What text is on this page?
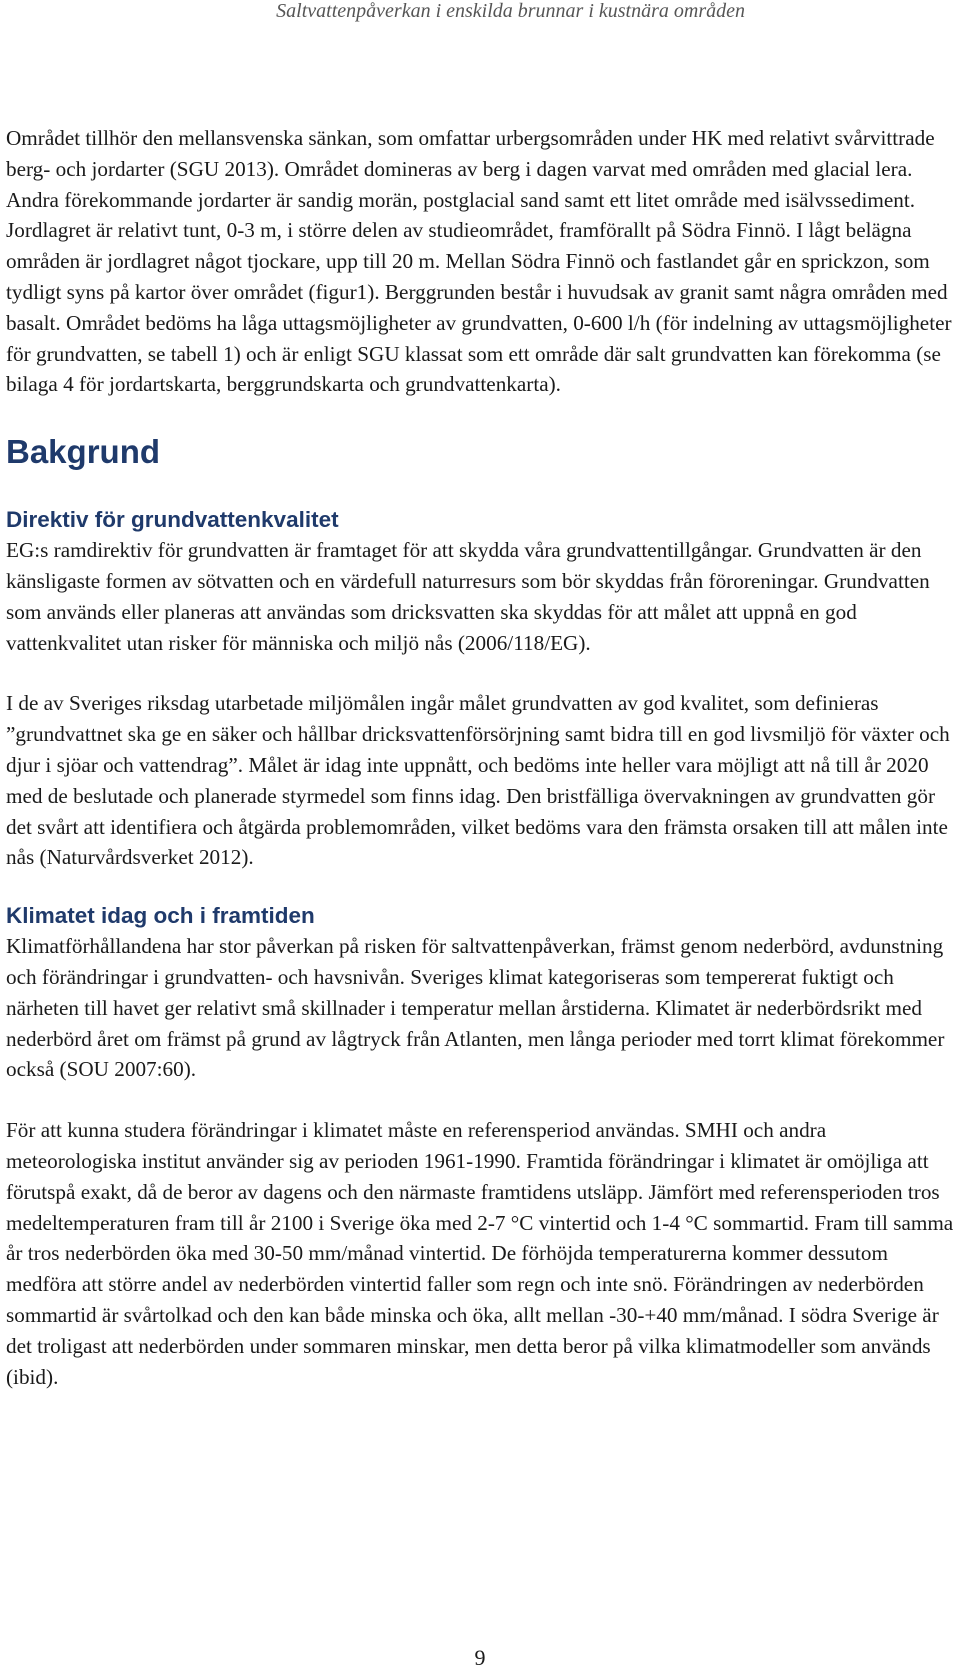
Saltvattenpåverkan i enskilda brunnar i kustnära områden

Området tillhör den mellansvenska sänkan, som omfattar urbergsområden under HK med relativt svårvittrade berg- och jordarter (SGU 2013). Området domineras av berg i dagen varvat med områden med glacial lera. Andra förekommande jordarter är sandig morän, postglacial sand samt ett litet område med isälvssediment. Jordlagret är relativt tunt, 0-3 m, i större delen av studieområdet, framförallt på Södra Finnö. I lågt belägna områden är jordlagret något tjockare, upp till 20 m. Mellan Södra Finnö och fastlandet går en sprickzon, som tydligt syns på kartor över området (figur1). Berggrunden består i huvudsak av granit samt några områden med basalt. Området bedöms ha låga uttagsmöjligheter av grundvatten, 0-600 l/h (för indelning av uttagsmöjligheter för grundvatten, se tabell 1) och är enligt SGU klassat som ett område där salt grundvatten kan förekomma (se bilaga 4 för jordartskarta, berggrundskarta och grundvattenkarta).

Bakgrund
Direktiv för grundvattenkvalitet

EG:s ramdirektiv för grundvatten är framtaget för att skydda våra grundvattentillgångar. Grundvatten är den känsligaste formen av sötvatten och en värdefull naturresurs som bör skyddas från föroreningar. Grundvatten som används eller planeras att användas som dricksvatten ska skyddas för att målet att uppnå en god vattenkvalitet utan risker för människa och miljö nås (2006/118/EG).

I de av Sveriges riksdag utarbetade miljömålen ingår målet grundvatten av god kvalitet, som definieras ”grundvattnet ska ge en säker och hållbar dricksvattenförsörjning samt bidra till en god livsmiljö för växter och djur i sjöar och vattendrag”. Målet är idag inte uppnått, och bedöms inte heller vara möjligt att nå till år 2020 med de beslutade och planerade styrmedel som finns idag. Den bristfälliga övervakningen av grundvatten gör det svårt att identifiera och åtgärda problemområden, vilket bedöms vara den främsta orsaken till att målen inte nås (Naturvårdsverket 2012).

Klimatet idag och i framtiden

Klimatförhållandena har stor påverkan på risken för saltvattenpåverkan, främst genom nederbörd, avdunstning och förändringar i grundvatten- och havsnivån. Sveriges klimat kategoriseras som tempererat fuktigt och närheten till havet ger relativt små skillnader i temperatur mellan årstiderna. Klimatet är nederbördsrikt med nederbörd året om främst på grund av lågtryck från Atlanten, men långa perioder med torrt klimat förekommer också (SOU 2007:60).

För att kunna studera förändringar i klimatet måste en referensperiod användas. SMHI och andra meteorologiska institut använder sig av perioden 1961-1990. Framtida förändringar i klimatet är omöjliga att förutspå exakt, då de beror av dagens och den närmaste framtidens utsläpp. Jämfört med referensperioden tros medeltemperaturen fram till år 2100 i Sverige öka med 2-7 °C vintertid och 1-4 °C sommartid. Fram till samma år tros nederbörden öka med 30-50 mm/månad vintertid. De förhöjda temperaturerna kommer dessutom medföra att större andel av nederbörden vintertid faller som regn och inte snö. Förändringen av nederbörden sommartid är svårtolkad och den kan både minska och öka, allt mellan -30-+40 mm/månad. I södra Sverige är det troligast att nederbörden under sommaren minskar, men detta beror på vilka klimatmodeller som används (ibid).

9
